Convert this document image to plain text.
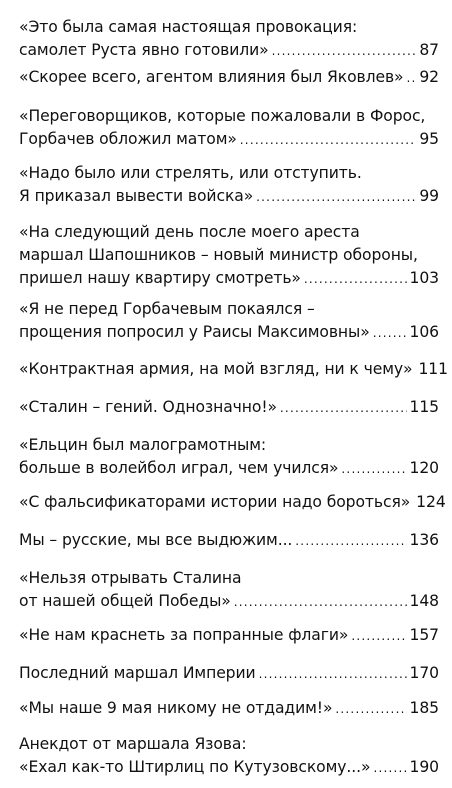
«Это была самая настоящая провокация:
самолет Руста явно готовили» .....	87
«Скорее всего, агентом влияния был Яковлев» ..... 92
«Переговорщиков, которые пожаловали в Форос,
Горбачев обложил матом» .....	95
«Надо было или стрелять, или отступить.
Я приказал вывести войска» .....	99
«На следующий день после моего ареста
маршал Шапошников – новый министр обороны,
пришел нашу квартиру смотреть» .....	103
«Я не перед Горбачевым покаялся –
прощения попросил у Раисы Максимовны» .....	106
«Контрактная армия, на мой взгляд, ни к чему» 111
«Сталин – гений. Однозначно!» .....	115
«Ельцин был малограмотным:
больше в волейбол играл, чем учился» .....	120
«С фальсификаторами истории надо бороться» 124
Мы – русские, мы все выдюжим... .....	136
«Нельзя отрывать Сталина
от нашей общей Победы» .....	148
«Не нам краснеть за попранные флаги» .....	157
Последний маршал Империи .....	170
«Мы наше 9 мая никому не отдадим!» .....	185
Анекдот от маршала Язова:
«Ехал как-то Штирлиц по Кутузовскому...» .....	190
